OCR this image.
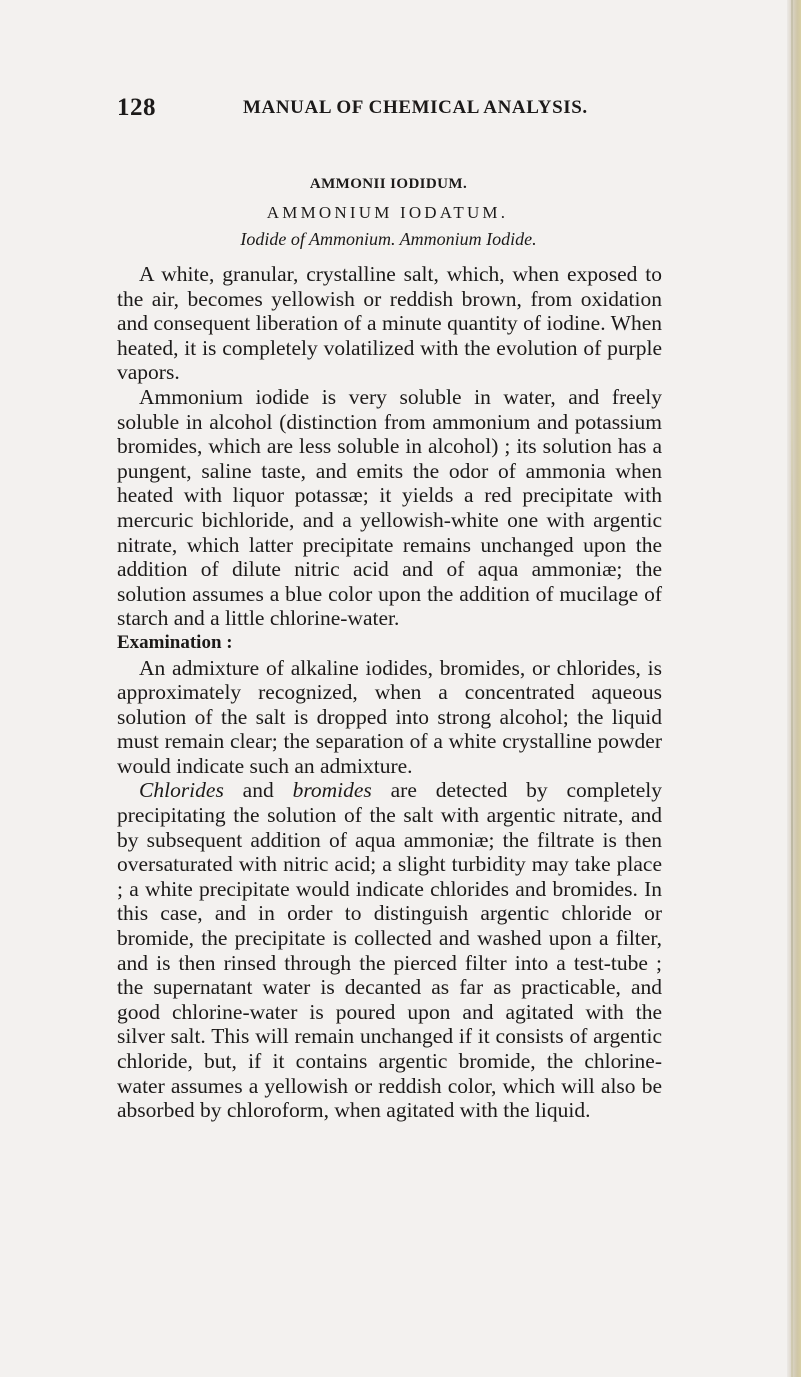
128	MANUAL OF CHEMICAL ANALYSIS.
AMMONII IODIDUM.
AMMONIUM IODATUM.
Iodide of Ammonium. Ammonium Iodide.

A white, granular, crystalline salt, which, when exposed to the air, becomes yellowish or reddish brown, from oxidation and consequent liberation of a minute quantity of iodine. When heated, it is completely volatilized with the evolution of purple vapors.

Ammonium iodide is very soluble in water, and freely soluble in alcohol (distinction from ammonium and potassium bromides, which are less soluble in alcohol) ; its solution has a pungent, saline taste, and emits the odor of ammonia when heated with liquor potassæ; it yields a red precipitate with mercuric bichloride, and a yellowish-white one with argentic nitrate, which latter precipitate remains unchanged upon the addition of dilute nitric acid and of aqua ammoniæ; the solution assumes a blue color upon the addition of mucilage of starch and a little chlorine-water.

Examination :

An admixture of alkaline iodides, bromides, or chlorides, is approximately recognized, when a concentrated aqueous solution of the salt is dropped into strong alcohol; the liquid must remain clear; the separation of a white crystalline powder would indicate such an admixture.

Chlorides and bromides are detected by completely precipitating the solution of the salt with argentic nitrate, and by subsequent addition of aqua ammoniæ; the filtrate is then oversaturated with nitric acid; a slight turbidity may take place ; a white precipitate would indicate chlorides and bromides. In this case, and in order to distinguish argentic chloride or bromide, the precipitate is collected and washed upon a filter, and is then rinsed through the pierced filter into a test-tube ; the supernatant water is decanted as far as practicable, and good chlorine-water is poured upon and agitated with the silver salt. This will remain unchanged if it consists of argentic chloride, but, if it contains argentic bromide, the chlorine-water assumes a yellowish or reddish color, which will also be absorbed by chloroform, when agitated with the liquid.
